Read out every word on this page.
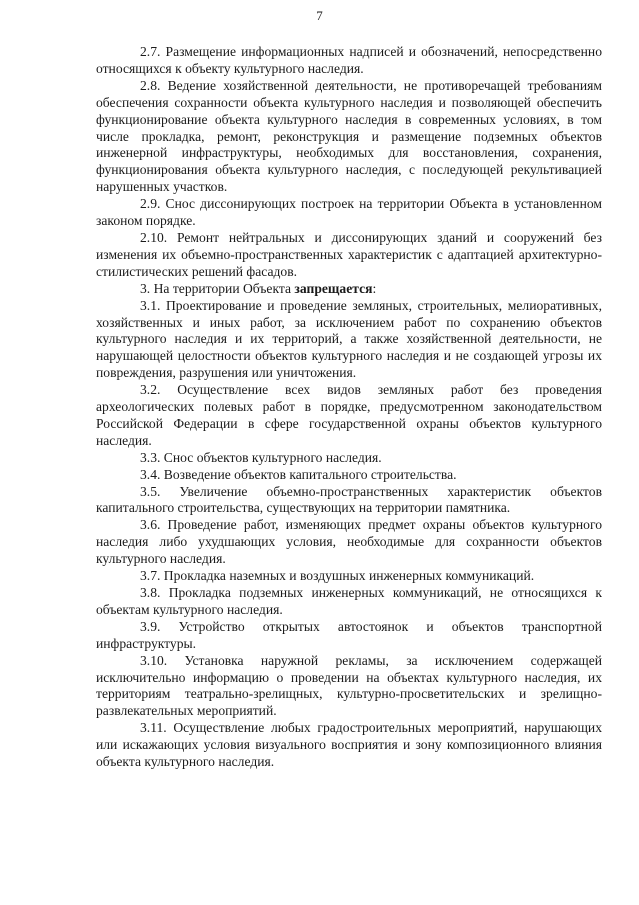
7

2.7. Размещение информационных надписей и обозначений, непосредственно относящихся к объекту культурного наследия.

2.8. Ведение хозяйственной деятельности, не противоречащей требованиям обеспечения сохранности объекта культурного наследия и позволяющей обеспечить функционирование объекта культурного наследия в современных условиях, в том числе прокладка, ремонт, реконструкция и размещение подземных объектов инженерной инфраструктуры, необходимых для восстановления, сохранения, функционирования объекта культурного наследия, с последующей рекультивацией нарушенных участков.

2.9. Снос диссонирующих построек на территории Объекта в установленном законом порядке.

2.10. Ремонт нейтральных и диссонирующих зданий и сооружений без изменения их объемно-пространственных характеристик с адаптацией архитектурно-стилистических решений фасадов.

3. На территории Объекта запрещается:

3.1. Проектирование и проведение земляных, строительных, мелиоративных, хозяйственных и иных работ, за исключением работ по сохранению объектов культурного наследия и их территорий, а также хозяйственной деятельности, не нарушающей целостности объектов культурного наследия и не создающей угрозы их повреждения, разрушения или уничтожения.

3.2. Осуществление всех видов земляных работ без проведения археологических полевых работ в порядке, предусмотренном законодательством Российской Федерации в сфере государственной охраны объектов культурного наследия.

3.3. Снос объектов культурного наследия.

3.4. Возведение объектов капитального строительства.

3.5. Увеличение объемно-пространственных характеристик объектов капитального строительства, существующих на территории памятника.

3.6. Проведение работ, изменяющих предмет охраны объектов культурного наследия либо ухудшающих условия, необходимые для сохранности объектов культурного наследия.

3.7. Прокладка наземных и воздушных инженерных коммуникаций.

3.8. Прокладка подземных инженерных коммуникаций, не относящихся к объектам культурного наследия.

3.9. Устройство открытых автостоянок и объектов транспортной инфраструктуры.

3.10. Установка наружной рекламы, за исключением содержащей исключительно информацию о проведении на объектах культурного наследия, их территориям театрально-зрелищных, культурно-просветительских и зрелищно-развлекательных мероприятий.

3.11. Осуществление любых градостроительных мероприятий, нарушающих или искажающих условия визуального восприятия и зону композиционного влияния объекта культурного наследия.
